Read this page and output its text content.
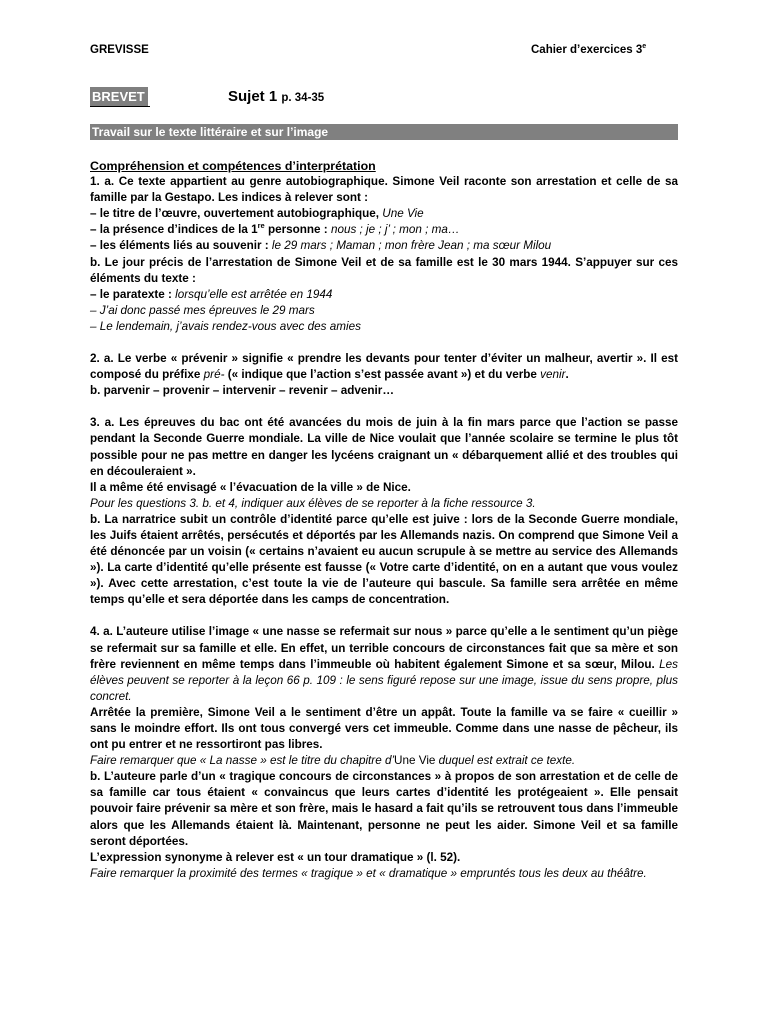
GREVISSE	Cahier d’exercices 3e
BREVET	Sujet 1 p. 34-35
Travail sur le texte littéraire et sur l’image

Compréhension et compétences d’interprétation

1. a. Ce texte appartient au genre autobiographique. Simone Veil raconte son arrestation et celle de sa famille par la Gestapo. Les indices à relever sont :

– le titre de l’œuvre, ouvertement autobiographique, Une Vie

– la présence d’indices de la 1re personne : nous ; je ; j’ ; mon ; ma…

– les éléments liés au souvenir : le 29 mars ; Maman ; mon frère Jean ; ma sœur Milou

b. Le jour précis de l’arrestation de Simone Veil et de sa famille est le 30 mars 1944. S’appuyer sur ces éléments du texte :

– le paratexte : lorsqu’elle est arrêtée en 1944

– J’ai donc passé mes épreuves le 29 mars

– Le lendemain, j’avais rendez-vous avec des amies

2. a. Le verbe « prévenir » signifie « prendre les devants pour tenter d’éviter un malheur, avertir ». Il est composé du préfixe pré- (« indique que l’action s’est passée avant ») et du verbe venir.

b. parvenir – provenir – intervenir – revenir – advenir…

3. a. Les épreuves du bac ont été avancées du mois de juin à la fin mars parce que l’action se passe pendant la Seconde Guerre mondiale. La ville de Nice voulait que l’année scolaire se termine le plus tôt possible pour ne pas mettre en danger les lycéens craignant un « débarquement allié et des troubles qui en découleraient ».

Il a même été envisagé « l’évacuation de la ville » de Nice.

Pour les questions 3. b. et 4, indiquer aux élèves de se reporter à la fiche ressource 3.

b. La narratrice subit un contrôle d’identité parce qu’elle est juive : lors de la Seconde Guerre mondiale, les Juifs étaient arrêtés, persécutés et déportés par les Allemands nazis. On comprend que Simone Veil a été dénoncée par un voisin (« certains n’avaient eu aucun scrupule à se mettre au service des Allemands »). La carte d’identité qu’elle présente est fausse (« Votre carte d’identité, on en a autant que vous voulez »). Avec cette arrestation, c’est toute la vie de l’auteure qui bascule. Sa famille sera arrêtée en même temps qu’elle et sera déportée dans les camps de concentration.

4. a. L’auteure utilise l’image « une nasse se refermait sur nous » parce qu’elle a le sentiment qu’un piège se refermait sur sa famille et elle. En effet, un terrible concours de circonstances fait que sa mère et son frère reviennent en même temps dans l’immeuble où habitent également Simone et sa sœur, Milou. Les élèves peuvent se reporter à la leçon 66 p. 109 : le sens figuré repose sur une image, issue du sens propre, plus concret.

Arrêtée la première, Simone Veil a le sentiment d’être un appât. Toute la famille va se faire « cueillir » sans le moindre effort. Ils ont tous convergé vers cet immeuble. Comme dans une nasse de pêcheur, ils ont pu entrer et ne ressortiront pas libres.

Faire remarquer que « La nasse » est le titre du chapitre d’Une Vie duquel est extrait ce texte.

b. L’auteure parle d’un « tragique concours de circonstances » à propos de son arrestation et de celle de sa famille car tous étaient « convaincus que leurs cartes d’identité les protégeaient ». Elle pensait pouvoir faire prévenir sa mère et son frère, mais le hasard a fait qu’ils se retrouvent tous dans l’immeuble alors que les Allemands étaient là. Maintenant, personne ne peut les aider. Simone Veil et sa famille seront déportées.

L’expression synonyme à relever est « un tour dramatique » (l. 52).

Faire remarquer la proximité des termes « tragique » et « dramatique » empruntés tous les deux au théâtre.
